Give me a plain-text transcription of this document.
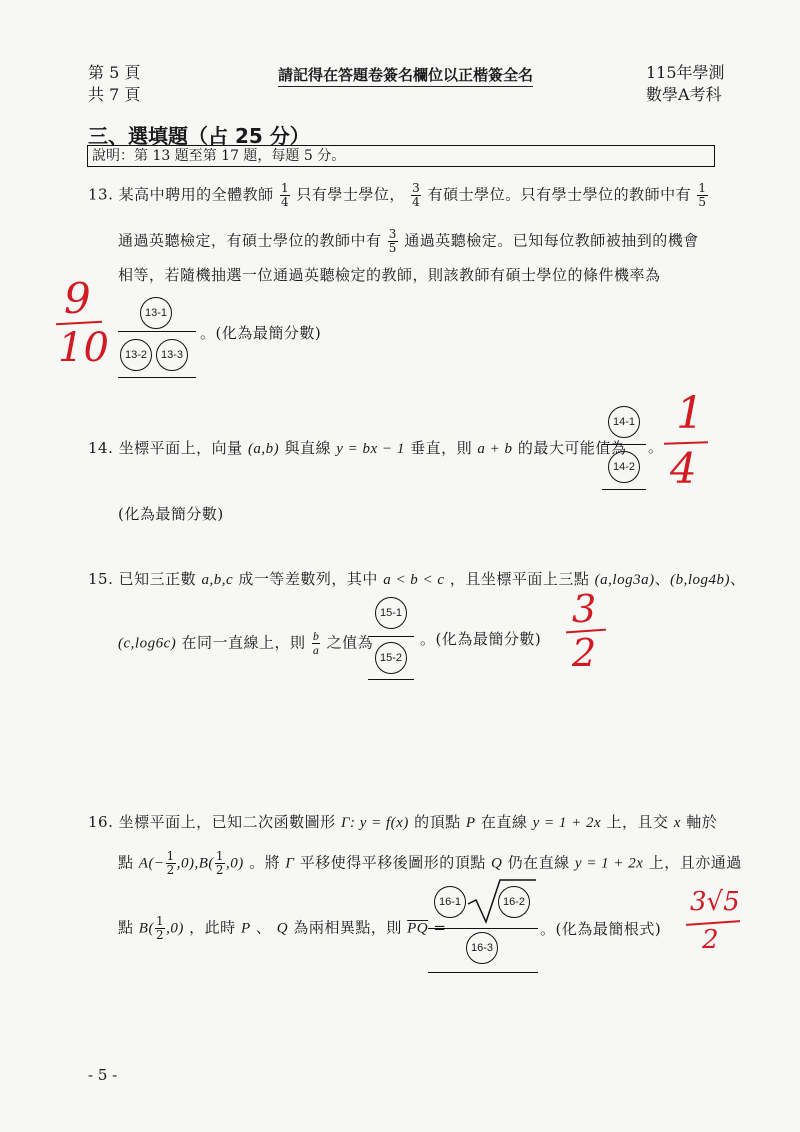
第 5 頁
共 7 頁
請記得在答題卷簽名欄位以正楷簽全名	115年學測
數學A考科
三、選填題（占 25 分）
說明：第 13 題至第 17 題，每題 5 分。
13. 某高中聘用的全體教師 $\frac{1}{4}$ 只有學士學位， $\frac{3}{4}$ 有碩士學位。只有學士學位的教師中有 $\frac{1}{5}$
通過英聽檢定，有碩士學位的教師中有 $\frac{3}{5}$ 通過英聽檢定。已知每位教師被抽到的機會
相等，若隨機抽選一位通過英聽檢定的教師，則該教師有碩士學位的條件機率為
13-1
13-2	13-3
。(化為最簡分數)
9
10
14. 坐標平面上，向量 (a,b) 與直線 y = bx − 1 垂直，則 a + b 的最大可能值為
14-1
14-2
。
(化為最簡分數)
1
4
15. 已知三正數 a,b,c 成一等差數列，其中 a < b < c ，且坐標平面上三點 (a,log3a)、(b,log4b)、
(c,log6c) 在同一直線上，則 $\frac{b}{a}$ 之值為
15-1
15-2
。(化為最簡分數)
3
2
16. 坐標平面上，已知二次函數圖形 Γ: y = f(x) 的頂點 P 在直線 y = 1 + 2x 上，且交 x 軸於
點 $A(- \frac{1}{2} ,0),B( \frac{1}{2} ,0)$ 。將 Γ 平移使得平移後圖形的頂點 Q 仍在直線 y = 1 + 2x 上，且亦通過
點 $B( \frac{1}{2} ,0)$ ，此時 P 、 Q 為兩相異點，則 $\overline{PQ}$ =
16-1	16-2
16-3
。(化為最簡根式)
3√5
2
- 5 -
